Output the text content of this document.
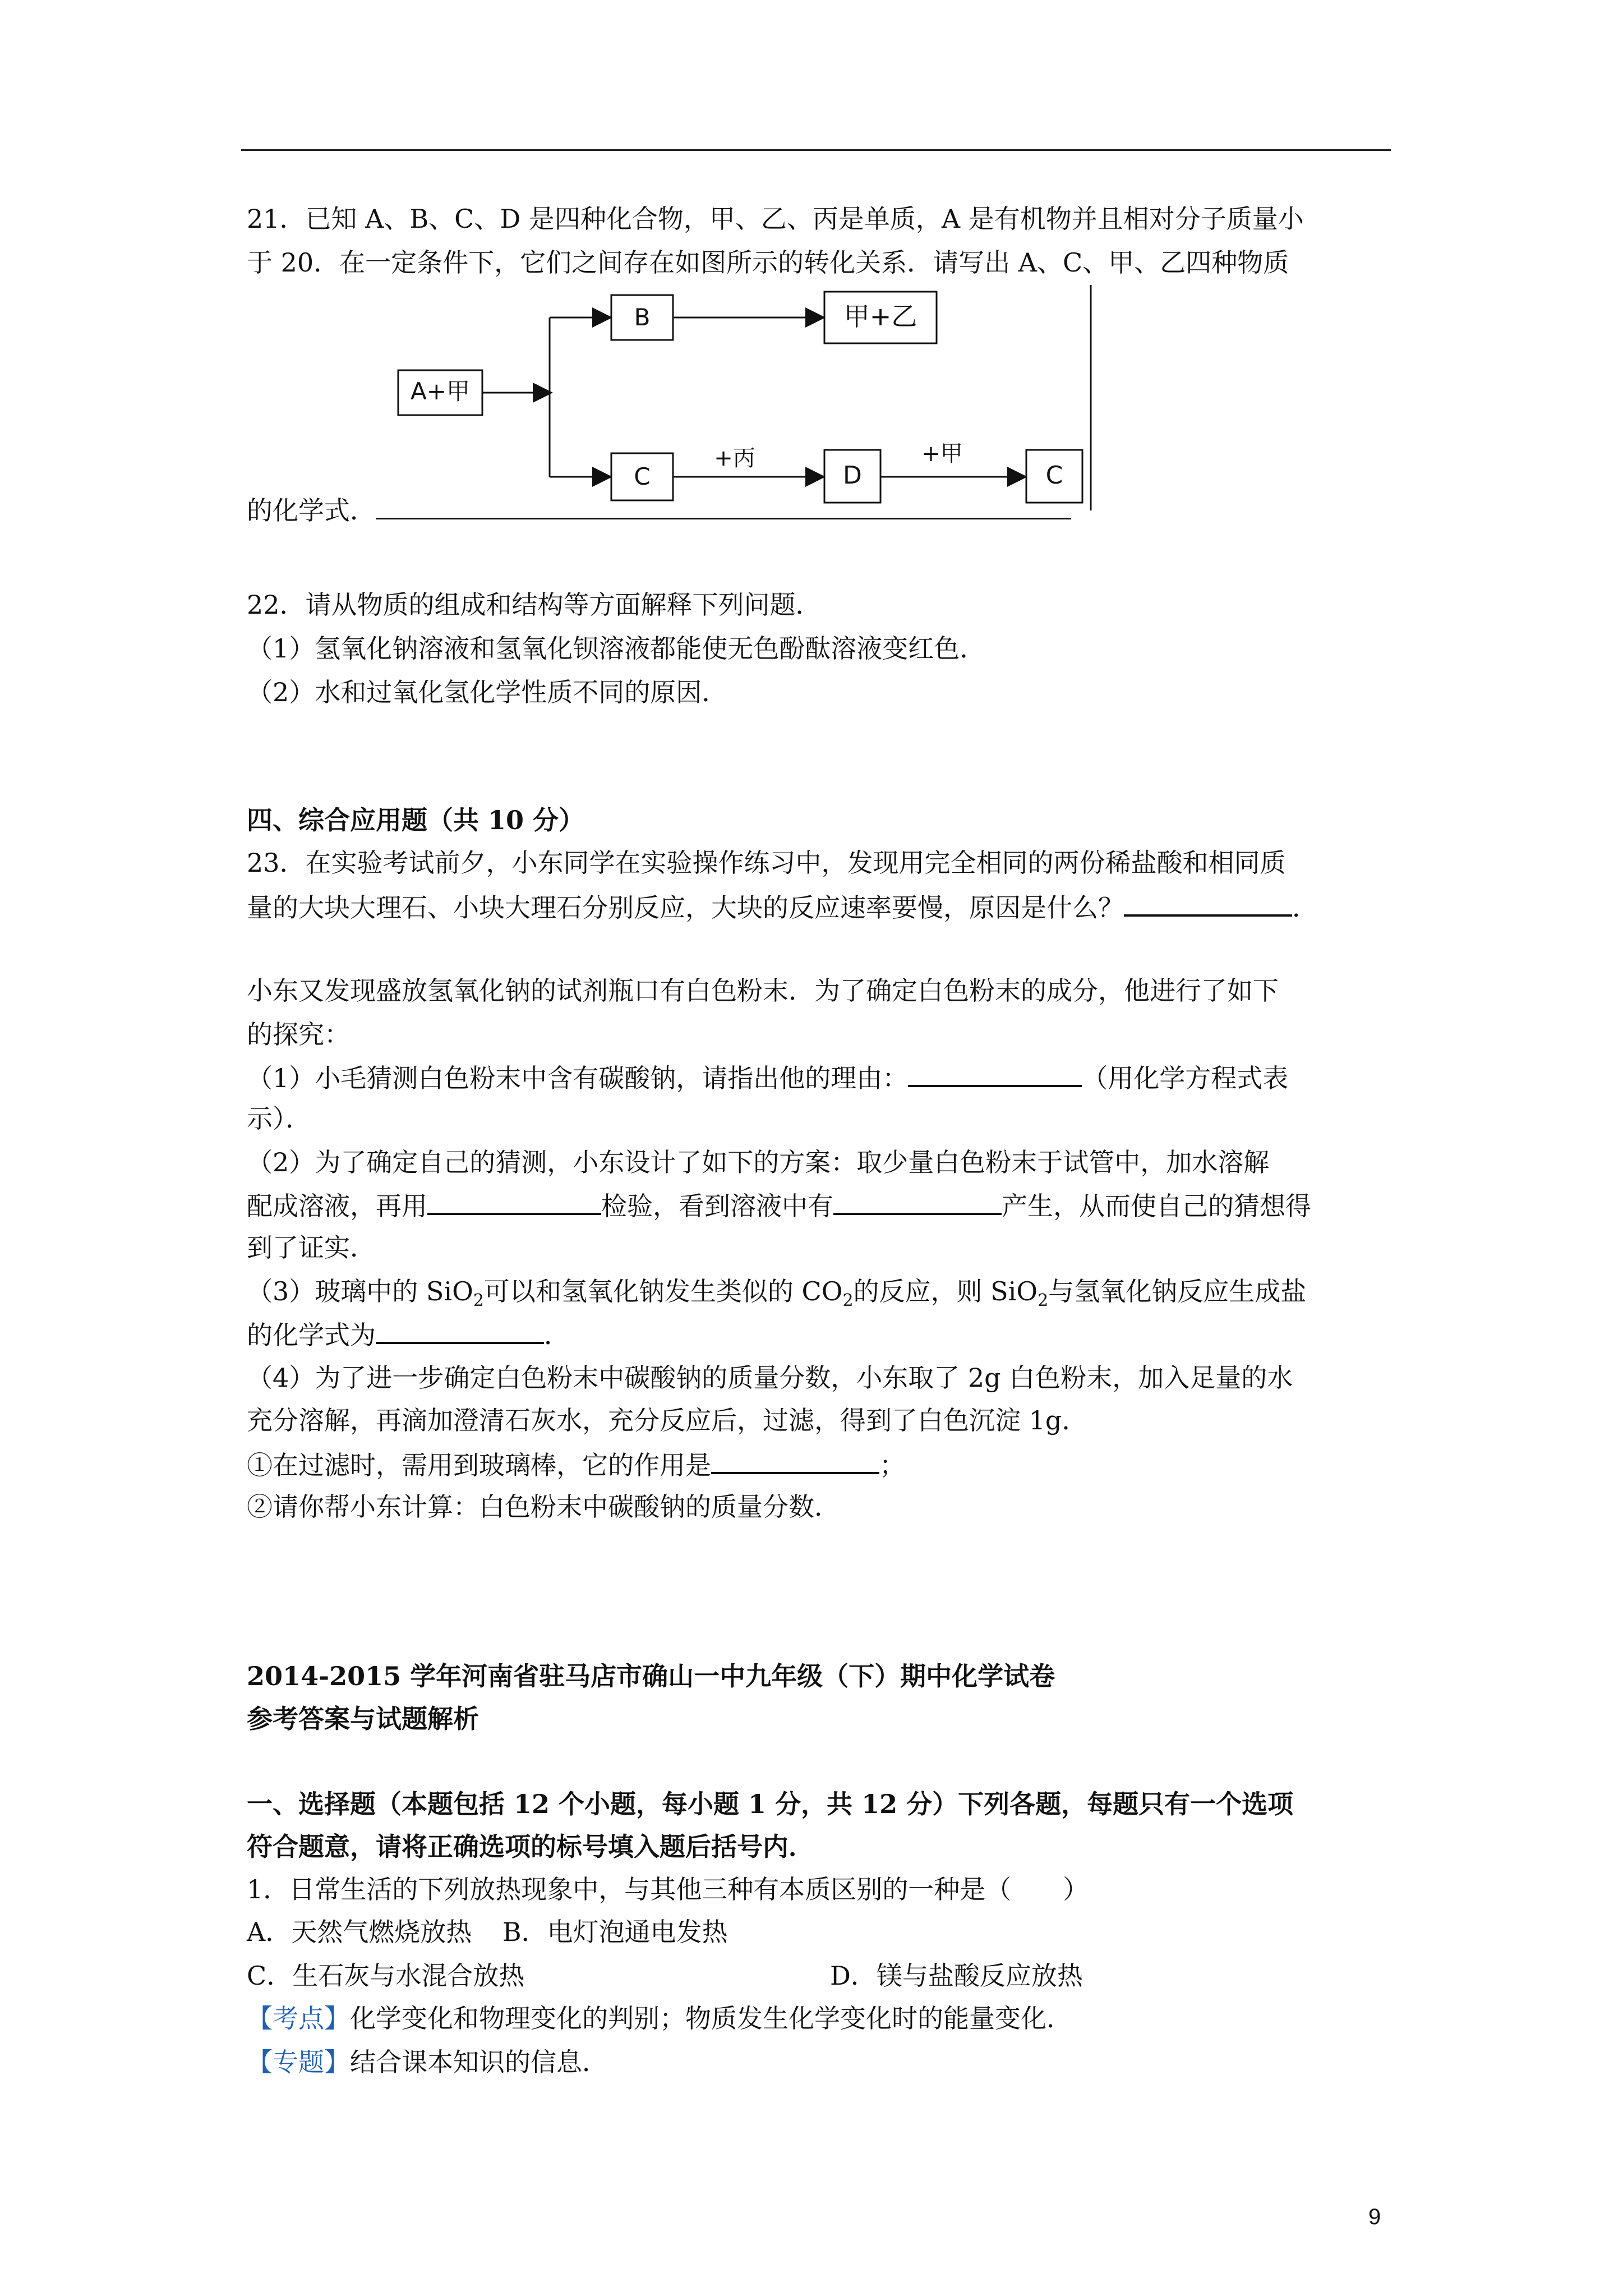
21．已知 A、B、C、D 是四种化合物，甲、乙、丙是单质，A 是有机物并且相对分子质量小
于 20．在一定条件下，它们之间存在如图所示的转化关系．请写出 A、C、甲、乙四种物质
A+甲
B	甲+乙
C	D	C
+丙	+甲
的化学式．
22．请从物质的组成和结构等方面解释下列问题．
（1）氢氧化钠溶液和氢氧化钡溶液都能使无色酚酞溶液变红色．
（2）水和过氧化氢化学性质不同的原因．
四、综合应用题（共 10 分）
23．在实验考试前夕，小东同学在实验操作练习中，发现用完全相同的两份稀盐酸和相同质
量的大块大理石、小块大理石分别反应，大块的反应速率要慢，原因是什么？	．
小东又发现盛放氢氧化钠的试剂瓶口有白色粉末．为了确定白色粉末的成分，他进行了如下
的探究：
（1）小毛猜测白色粉末中含有碳酸钠，请指出他的理由：	（用化学方程式表
示）．
（2）为了确定自己的猜测，小东设计了如下的方案：取少量白色粉末于试管中，加水溶解
配成溶液，再用	检验，看到溶液中有	产生，从而使自己的猜想得
到了证实．
（3）玻璃中的 SiO$_2$可以和氢氧化钠发生类似的 $CO_2$的反应，则 SiO$_2$与氢氧化钠反应生成盐
的化学式为	．
（4）为了进一步确定白色粉末中碳酸钠的质量分数，小东取了 2g 白色粉末，加入足量的水
充分溶解，再滴加澄清石灰水，充分反应后，过滤，得到了白色沉淀 1g．
①在过滤时，需用到玻璃棒，它的作用是	；
②请你帮小东计算：白色粉末中碳酸钠的质量分数．
2014-2015 学年河南省驻马店市确山一中九年级（下）期中化学试卷
参考答案与试题解析
一、选择题（本题包括 12 个小题，每小题 1 分，共 12 分）下列各题，每题只有一个选项
符合题意，请将正确选项的标号填入题后括号内．
1．日常生活的下列放热现象中，与其他三种有本质区别的一种是（　　）
A．天然气燃烧放热 B．电灯泡通电发热
C．生石灰与水混合放热	D．镁与盐酸反应放热
【考点】化学变化和物理变化的判别；物质发生化学变化时的能量变化．
【专题】结合课本知识的信息．
9
